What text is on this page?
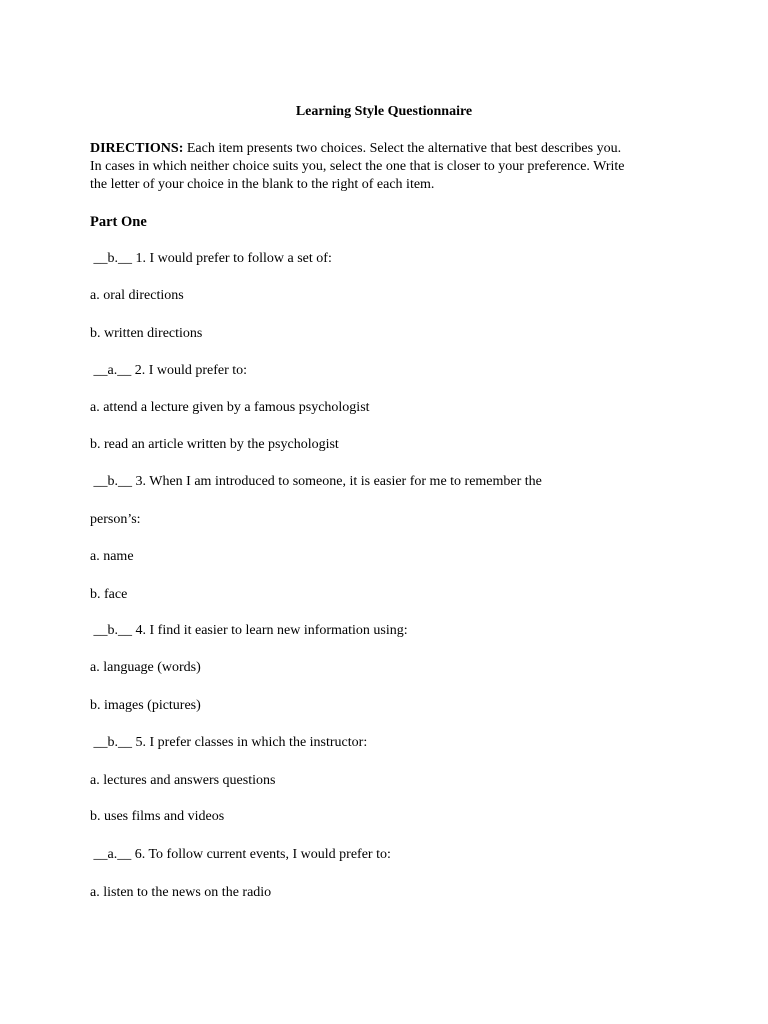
Learning Style Questionnaire
DIRECTIONS: Each item presents two choices. Select the alternative that best describes you.
In cases in which neither choice suits you, select the one that is closer to your preference. Write
the letter of your choice in the blank to the right of each item.
Part One
__b.__ 1. I would prefer to follow a set of:
a. oral directions
b. written directions
__a.__ 2. I would prefer to:
a. attend a lecture given by a famous psychologist
b. read an article written by the psychologist
__b.__ 3. When I am introduced to someone, it is easier for me to remember the
person’s:
a. name
b. face
__b.__ 4. I find it easier to learn new information using:
a. language (words)
b. images (pictures)
__b.__ 5. I prefer classes in which the instructor:
a. lectures and answers questions
b. uses films and videos
__a.__ 6. To follow current events, I would prefer to:
a. listen to the news on the radio
